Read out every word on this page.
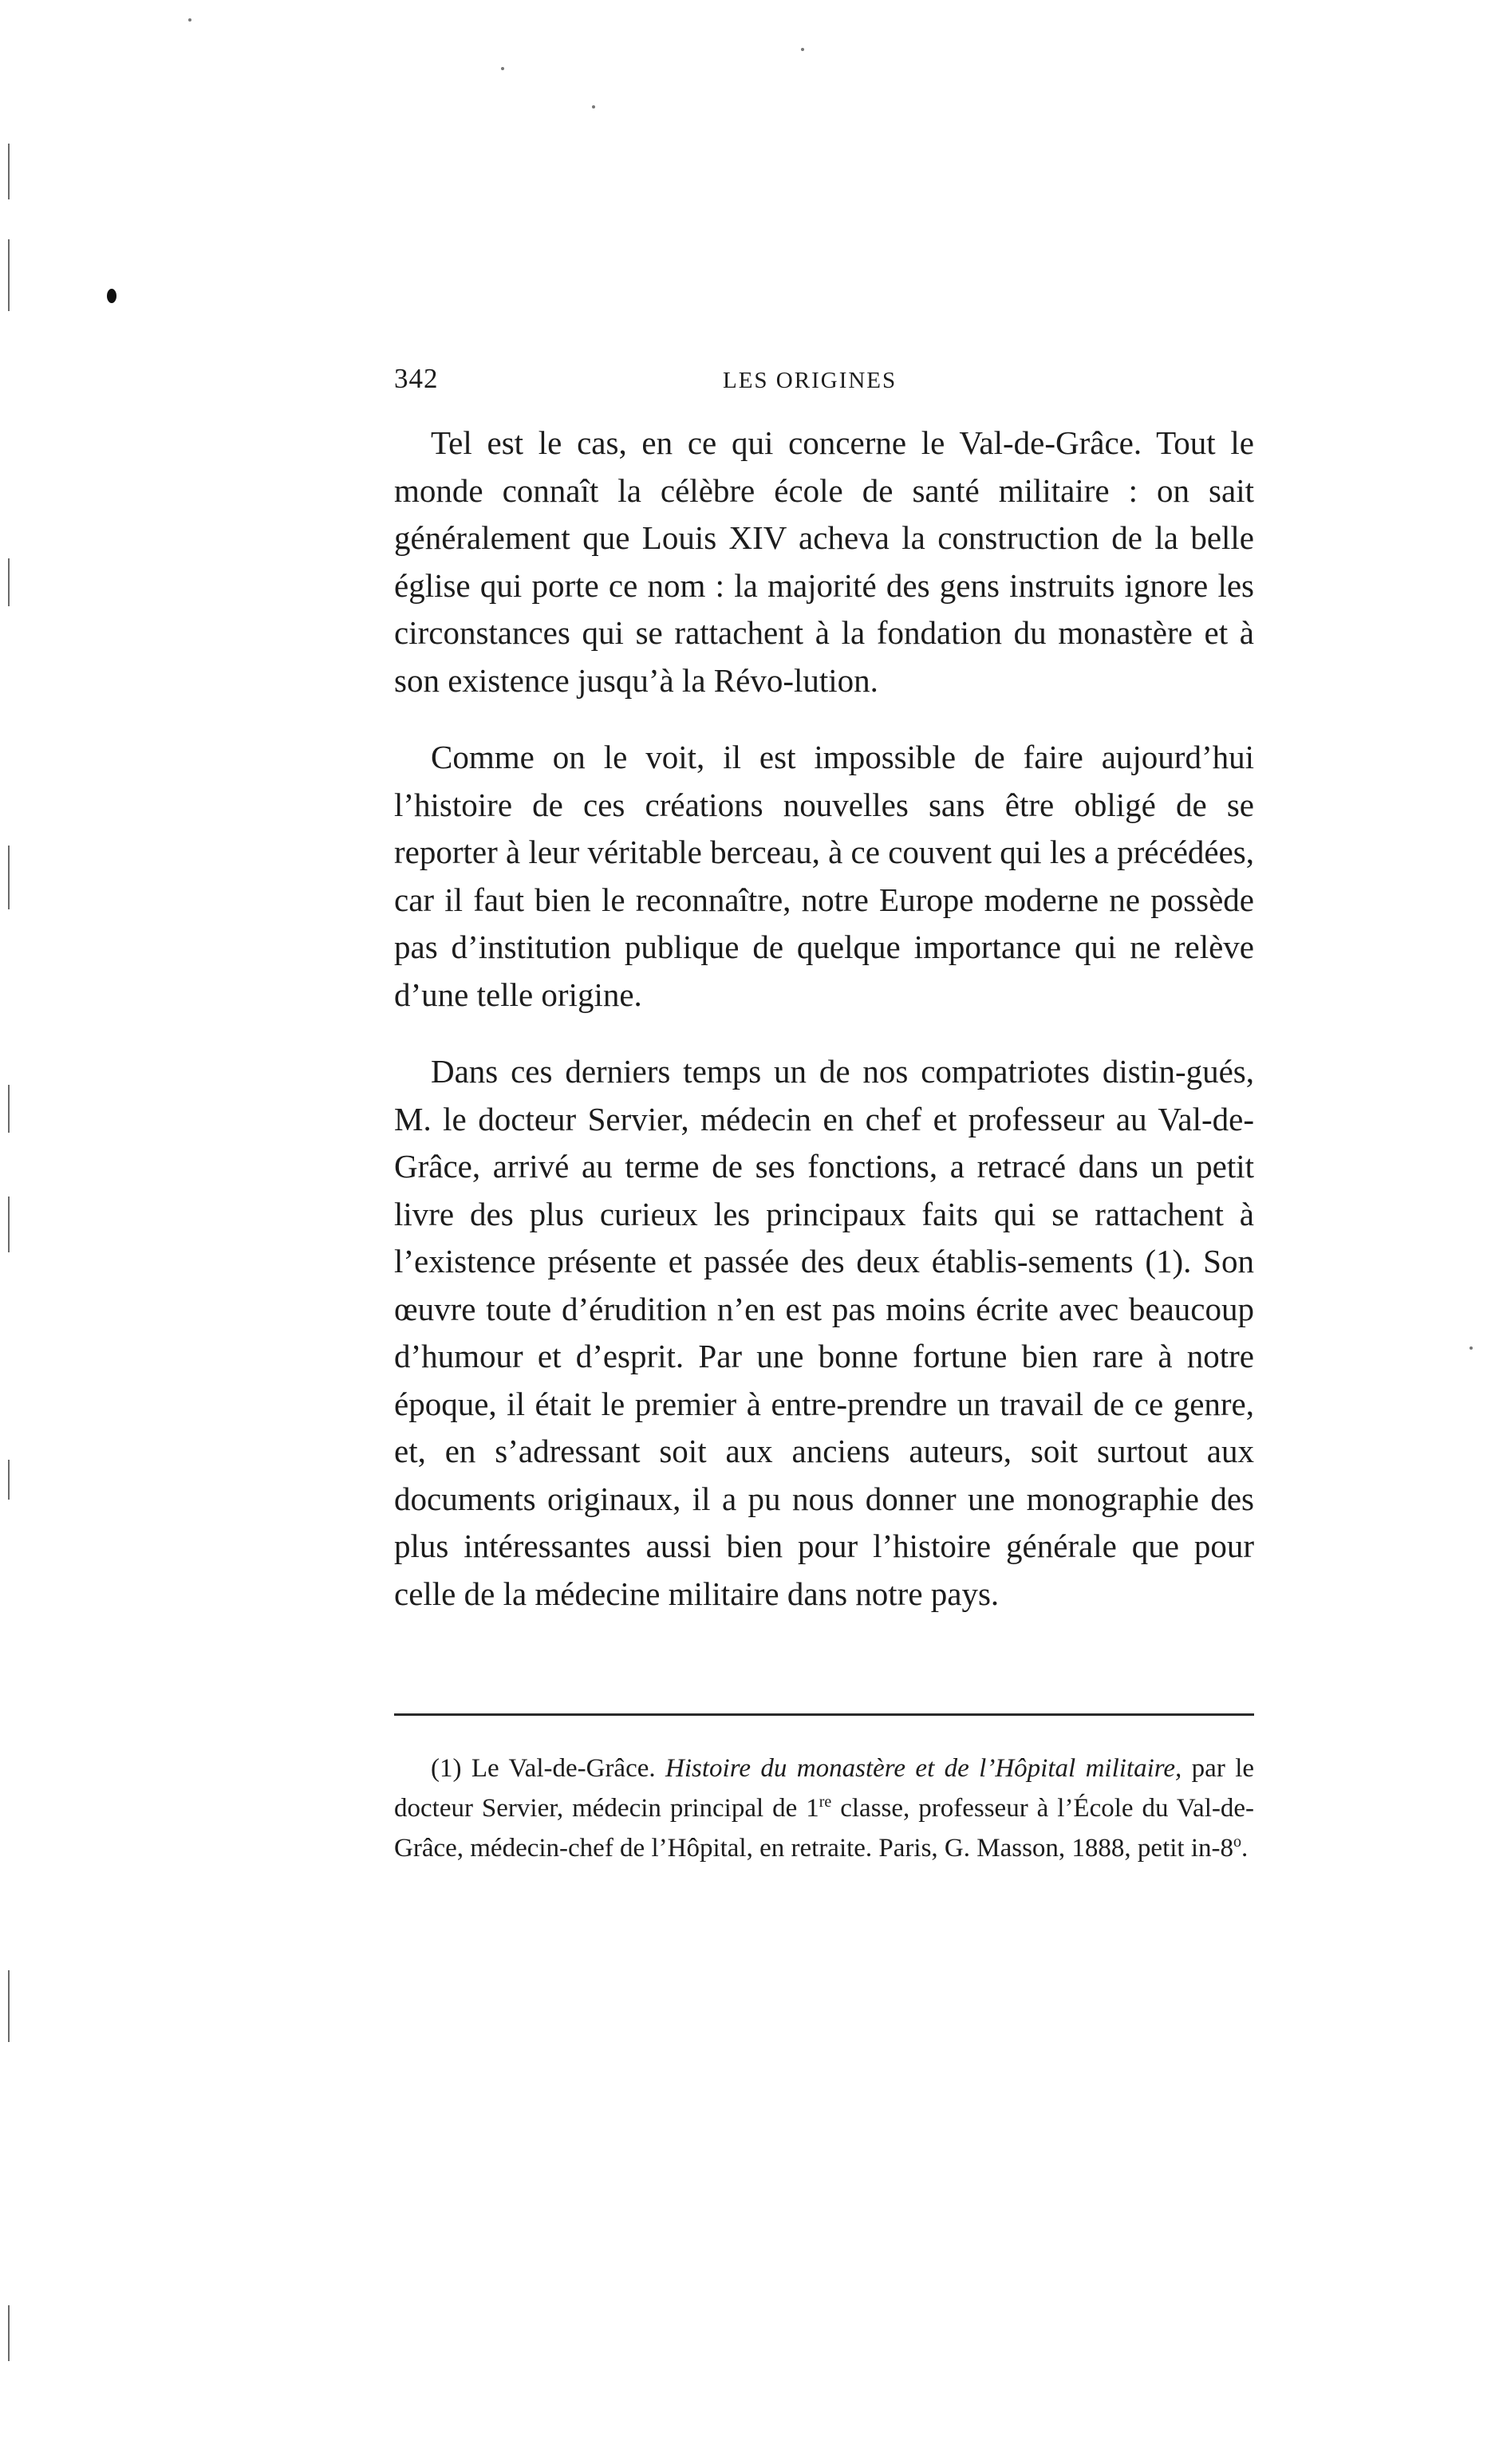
342	LES ORIGINES

Tel est le cas, en ce qui concerne le Val-de-Grâce. Tout le monde connaît la célèbre école de santé militaire : on sait généralement que Louis XIV acheva la construction de la belle église qui porte ce nom : la majorité des gens instruits ignore les circonstances qui se rattachent à la fondation du monastère et à son existence jusqu’à la Révo-lution.

Comme on le voit, il est impossible de faire aujourd’hui l’histoire de ces créations nouvelles sans être obligé de se reporter à leur véritable berceau, à ce couvent qui les a précédées, car il faut bien le reconnaître, notre Europe moderne ne possède pas d’institution publique de quelque importance qui ne relève d’une telle origine.

Dans ces derniers temps un de nos compatriotes distin-gués, M. le docteur Servier, médecin en chef et professeur au Val-de-Grâce, arrivé au terme de ses fonctions, a retracé dans un petit livre des plus curieux les principaux faits qui se rattachent à l’existence présente et passée des deux établis-sements (1). Son œuvre toute d’érudition n’en est pas moins écrite avec beaucoup d’humour et d’esprit. Par une bonne fortune bien rare à notre époque, il était le premier à entre-prendre un travail de ce genre, et, en s’adressant soit aux anciens auteurs, soit surtout aux documents originaux, il a pu nous donner une monographie des plus intéressantes aussi bien pour l’histoire générale que pour celle de la médecine militaire dans notre pays.

(1) Le Val-de-Grâce. Histoire du monastère et de l’Hôpital militaire, par le docteur Servier, médecin principal de 1re classe, professeur à l’École du Val-de-Grâce, médecin-chef de l’Hôpital, en retraite. Paris, G. Masson, 1888, petit in-8$^o$.
